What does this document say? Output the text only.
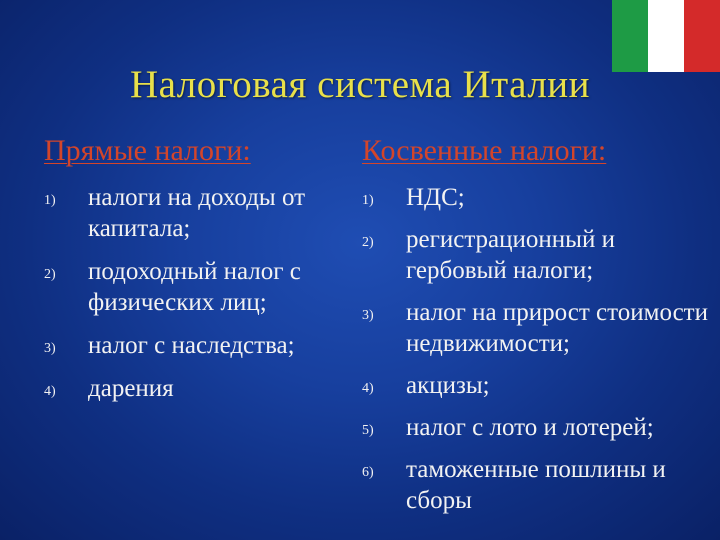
Налоговая система Италии
Прямые налоги:	Косвенные налоги:
1) налоги на доходы от
капитала;
2) подоходный налог с
физических лиц;
3) налог с наследства;
4) дарения
1) НДС;
2) регистрационный и
гербовый налоги;
3) налог на прирост стоимости
недвижимости;
4) акцизы;
5) налог с лото и лотерей;
6) таможенные пошлины и
сборы
